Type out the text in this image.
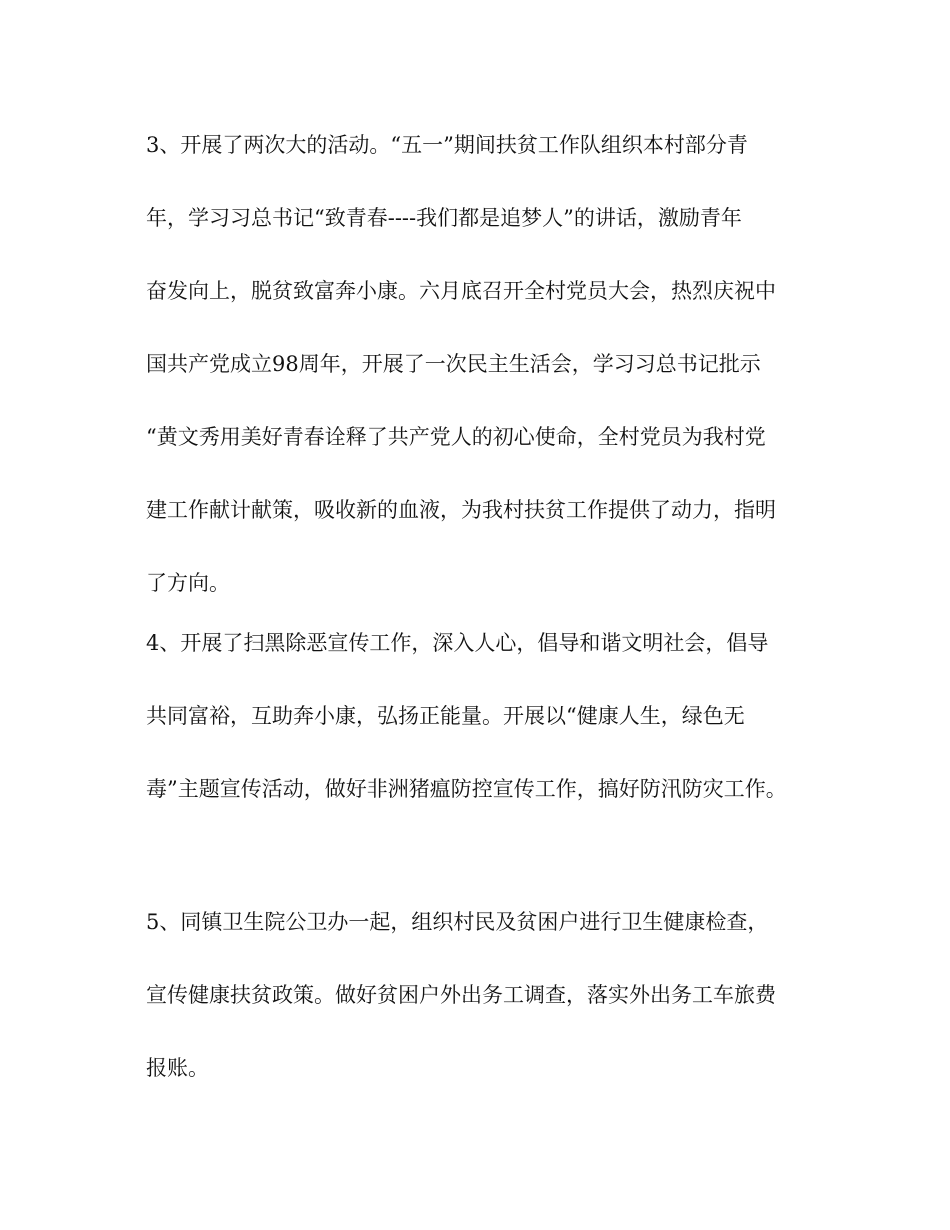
3、开展了两次大的活动。“五一”期间扶贫工作队组织本村部分青

年，学习习总书记“致青春----我们都是追梦人”的讲话，激励青年

奋发向上，脱贫致富奔小康。六月底召开全村党员大会，热烈庆祝中

国共产党成立98周年，开展了一次民主生活会，学习习总书记批示

“黄文秀用美好青春诠释了共产党人的初心使命，全村党员为我村党

建工作献计献策，吸收新的血液，为我村扶贫工作提供了动力，指明

了方向。

4、开展了扫黑除恶宣传工作，深入人心，倡导和谐文明社会，倡导

共同富裕，互助奔小康，弘扬正能量。开展以“健康人生，绿色无

毒”主题宣传活动，做好非洲猪瘟防控宣传工作，搞好防汛防灾工作。

5、同镇卫生院公卫办一起，组织村民及贫困户进行卫生健康检查，

宣传健康扶贫政策。做好贫困户外出务工调查，落实外出务工车旅费

报账。
